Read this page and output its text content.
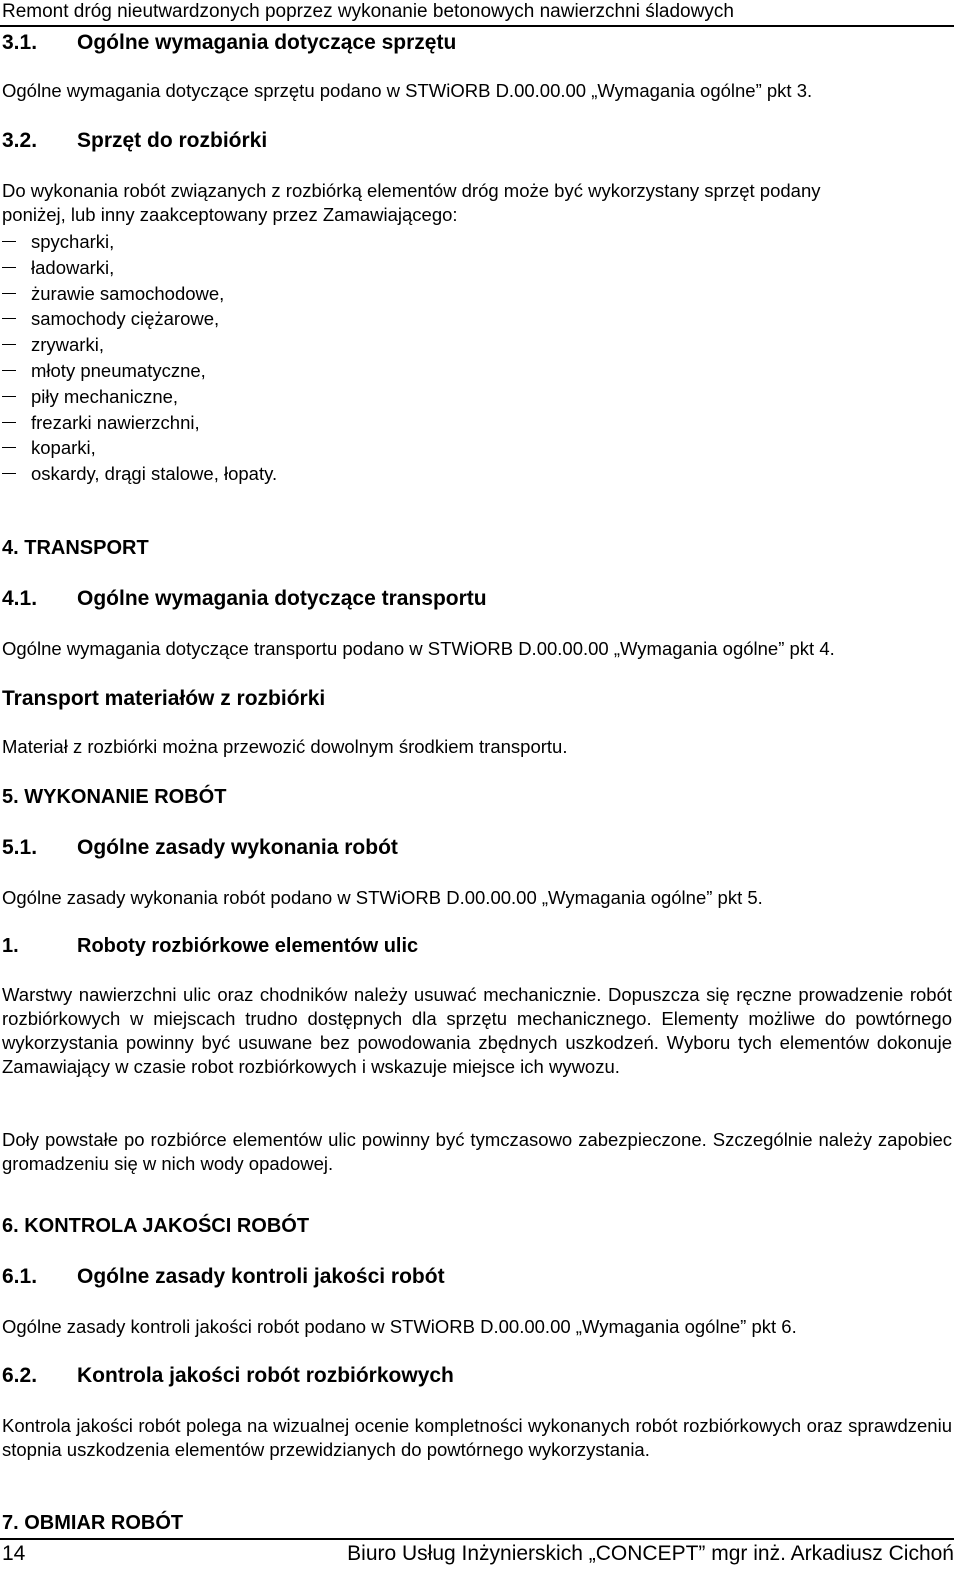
Remont dróg nieutwardzonych poprzez wykonanie betonowych nawierzchni śladowych
3.1. Ogólne wymagania dotyczące sprzętu
Ogólne wymagania dotyczące sprzętu podano w STWiORB D.00.00.00 „Wymagania ogólne” pkt 3.
3.2. Sprzęt do rozbiórki
Do wykonania robót związanych z rozbiórką elementów dróg może być wykorzystany sprzęt podany
poniżej, lub inny zaakceptowany przez Zamawiającego:
spycharki,
ładowarki,
żurawie samochodowe,
samochody ciężarowe,
zrywarki,
młoty pneumatyczne,
piły mechaniczne,
frezarki nawierzchni,
koparki,
oskardy, drągi stalowe, łopaty.
4. TRANSPORT
4.1. Ogólne wymagania dotyczące transportu
Ogólne wymagania dotyczące transportu podano w STWiORB D.00.00.00 „Wymagania ogólne” pkt 4.
Transport materiałów z rozbiórki
Materiał z rozbiórki można przewozić dowolnym środkiem transportu.
5. WYKONANIE ROBÓT
5.1. Ogólne zasady wykonania robót
Ogólne zasady wykonania robót podano w STWiORB D.00.00.00 „Wymagania ogólne” pkt 5.
1.	Roboty rozbiórkowe elementów ulic
Warstwy nawierzchni ulic oraz chodników należy usuwać mechanicznie. Dopuszcza się ręczne prowadzenie robót rozbiórkowych w miejscach trudno dostępnych dla sprzętu mechanicznego. Elementy możliwe do powtórnego wykorzystania powinny być usuwane bez powodowania zbędnych uszkodzeń. Wyboru tych elementów dokonuje Zamawiający w czasie robot rozbiórkowych i wskazuje miejsce ich wywozu.
Doły powstałe po rozbiórce elementów ulic powinny być tymczasowo zabezpieczone. Szczególnie należy zapobiec gromadzeniu się w nich wody opadowej.
6. KONTROLA JAKOŚCI ROBÓT
6.1. Ogólne zasady kontroli jakości robót
Ogólne zasady kontroli jakości robót podano w STWiORB D.00.00.00 „Wymagania ogólne” pkt 6.
6.2. Kontrola jakości robót rozbiórkowych
Kontrola jakości robót polega na wizualnej ocenie kompletności wykonanych robót rozbiórkowych oraz sprawdzeniu stopnia uszkodzenia elementów przewidzianych do powtórnego wykorzystania.
7. OBMIAR ROBÓT
14	Biuro Usług Inżynierskich „CONCEPT” mgr inż. Arkadiusz Cichoń
